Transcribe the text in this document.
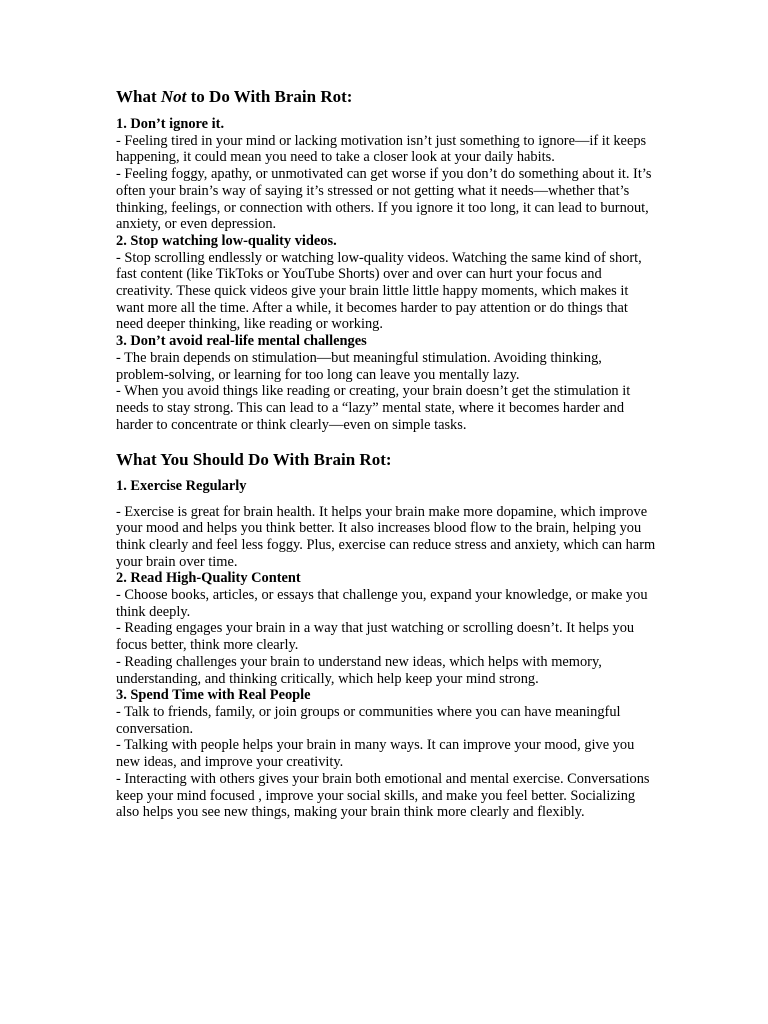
What Not to Do With Brain Rot:

1. Don’t ignore it.

- Feeling tired in your mind or lacking motivation isn’t just something to ignore—if it keeps happening, it could mean you need to take a closer look at your daily habits.

- Feeling foggy, apathy, or unmotivated can get worse if you don’t do something about it. It’s often your brain’s way of saying it’s stressed or not getting what it needs—whether that’s thinking, feelings, or connection with others. If you ignore it too long, it can lead to burnout, anxiety, or even depression.

2. Stop watching low-quality videos.

- Stop scrolling endlessly or watching low-quality videos. Watching the same kind of short, fast content (like TikToks or YouTube Shorts) over and over can hurt your focus and creativity. These quick videos give your brain little little happy moments, which makes it want more all the time. After a while, it becomes harder to pay attention or do things that need deeper thinking, like reading or working.

3. Don’t avoid real-life mental challenges

- The brain depends on stimulation—but meaningful stimulation. Avoiding thinking, problem-solving, or learning for too long can leave you mentally lazy.

- When you avoid things like reading or creating, your brain doesn’t get the stimulation it needs to stay strong. This can lead to a “lazy” mental state, where it becomes harder and harder to concentrate or think clearly—even on simple tasks.

What You Should Do With Brain Rot:

1. Exercise Regularly

- Exercise is great for brain health. It helps your brain make more dopamine, which improve your mood and helps you think better. It also increases blood flow to the brain, helping you think clearly and feel less foggy. Plus, exercise can reduce stress and anxiety, which can harm your brain over time.

2. Read High-Quality Content

- Choose books, articles, or essays that challenge you, expand your knowledge, or make you think deeply.

- Reading engages your brain in a way that just watching or scrolling doesn’t. It helps you focus better, think more clearly.

- Reading challenges your brain to understand new ideas, which helps with memory, understanding, and thinking critically, which help keep your mind strong.

3. Spend Time with Real People

- Talk to friends, family, or join groups or communities where you can have meaningful conversation.

- Talking with people helps your brain in many ways. It can improve your mood, give you new ideas, and improve your creativity.

- Interacting with others gives your brain both emotional and mental exercise. Conversations keep your mind focused , improve your social skills, and make you feel better. Socializing also helps you see new things, making your brain think more clearly and flexibly.
